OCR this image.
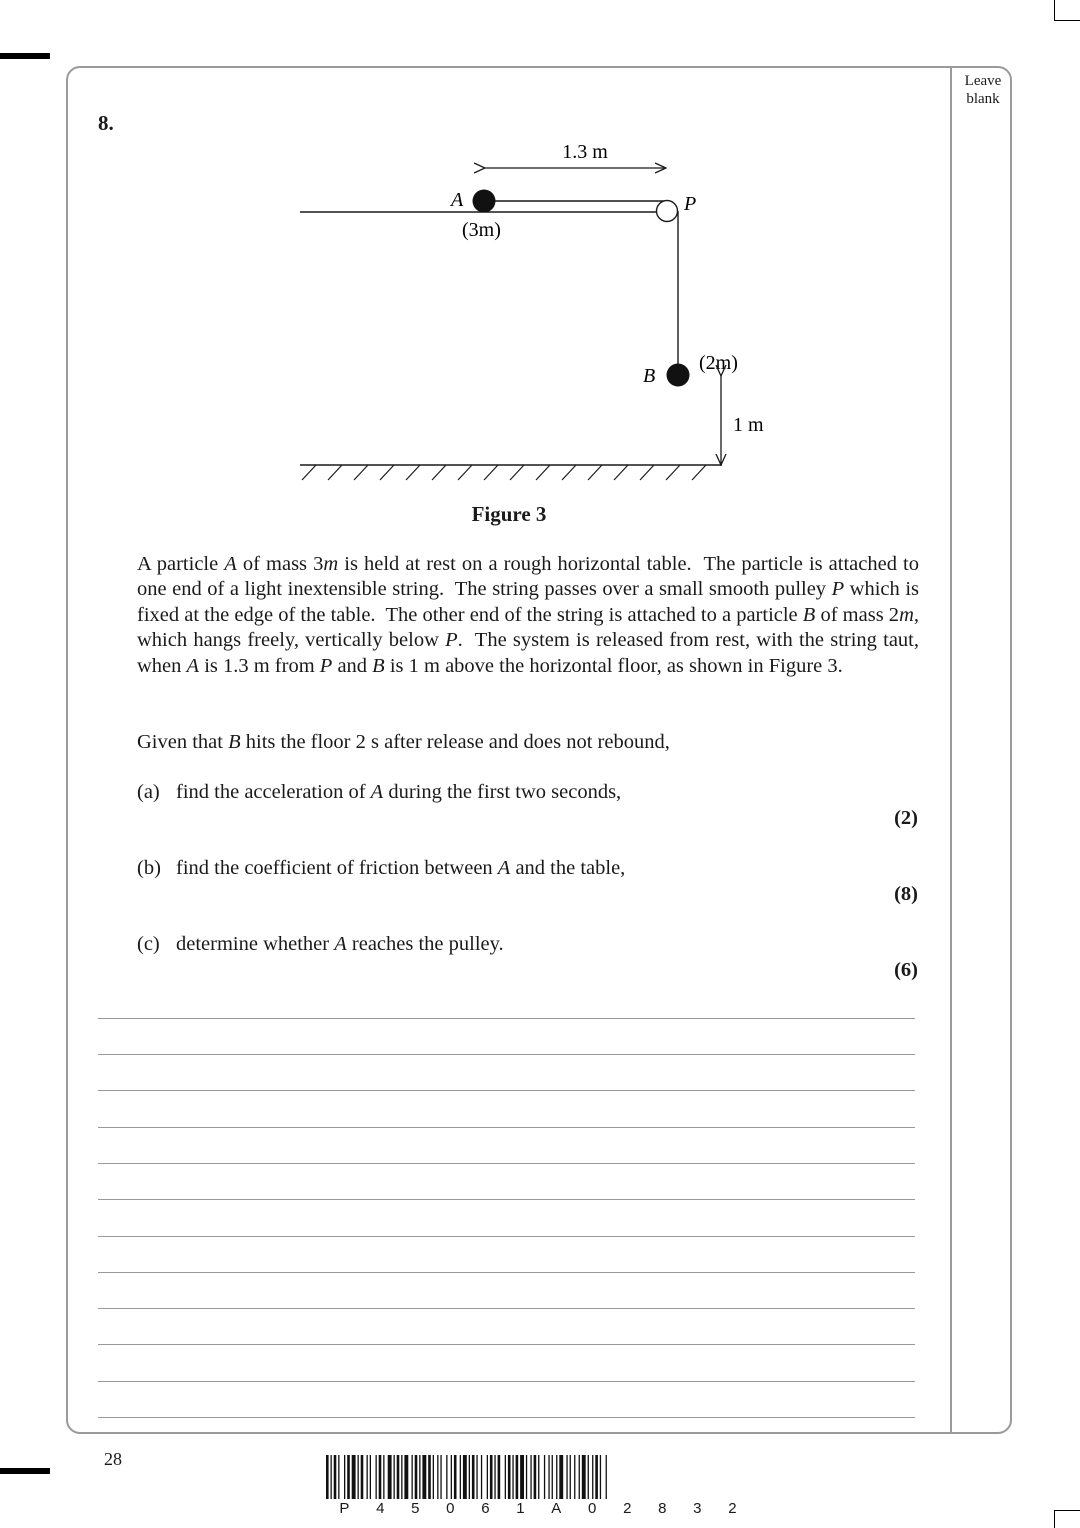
Leave blank
8.
1.3 m
A
(3m)
P
B
(2m)
1 m
Figure 3
A particle A of mass 3m is held at rest on a rough horizontal table.  The particle is attached to one end of a light inextensible string.  The string passes over a small smooth pulley P which is fixed at the edge of the table.  The other end of the string is attached to a particle B of mass 2m, which hangs freely, vertically below P.  The system is released from rest, with the string taut, when A is 1.3 m from P and B is 1 m above the horizontal floor, as shown in Figure 3.
Given that B hits the floor 2 s after release and does not rebound,
(a) find the acceleration of A during the first two seconds,
(2)
(b) find the coefficient of friction between A and the table,
(8)
(c) determine whether A reaches the pulley.
(6)
28
P 4 5 0 6 1 A 0 2 8 3 2
